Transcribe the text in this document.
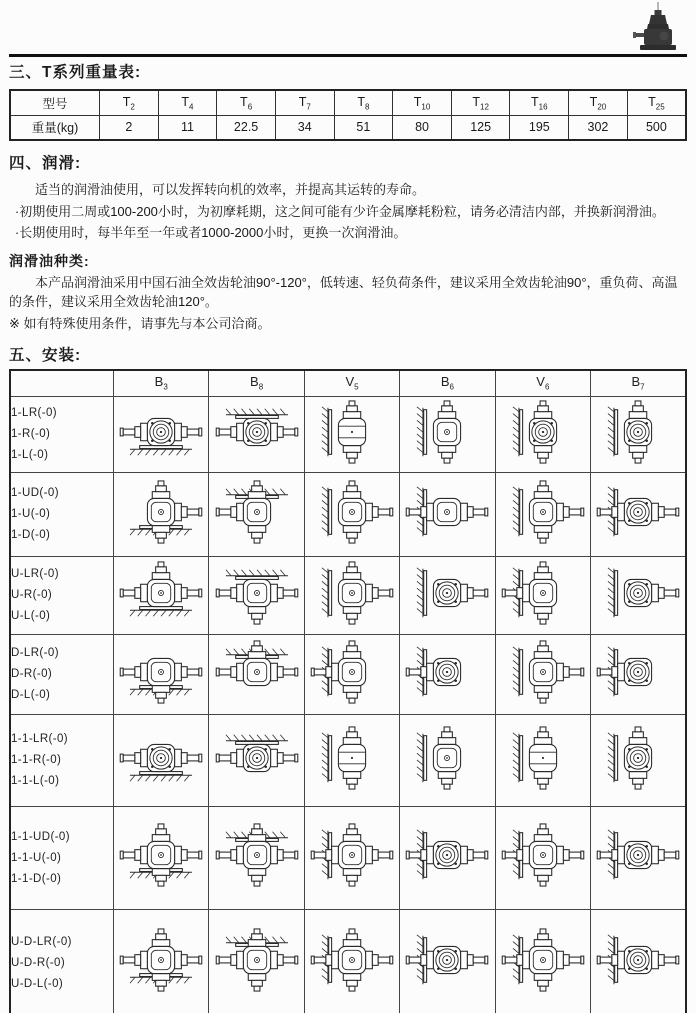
三、T系列重量表:
型号	$T_2$	$T_4$	$T_6$	$T_7$	$T_8$	$T_{10}$	$T_{12}$	$T_{16}$	$T_{20}$	$T_{25}$
重量(kg)	2	11	22.5	34	51	80	125	195	302	500
四、润滑:

适当的润滑油使用，可以发挥转向机的效率，并提高其运转的寿命。

·初期使用二周或100-200小时，为初摩耗期，这之间可能有少许金属摩耗粉粒，请务必清洁内部，并换新润滑油。

·长期使用时，每半年至一年或者1000-2000小时，更换一次润滑油。

润滑油种类:

本产品润滑油采用中国石油全效齿轮油90°-120°，低转速、轻负荷条件，建议采用全效齿轮油90°，重负荷、高温的条件，建议采用全效齿轮油120°。

※ 如有特殊使用条件，请事先与本公司洽商。

五、安装:
	$B_3$	$B_8$	$V_5$	$B_6$	$V_6$	$B_7$

1-LR(-0)
1-R(-0)
1-L(-0)

1-UD(-0)
1-U(-0)
1-D(-0)

U-LR(-0)
U-R(-0)
U-L(-0)

D-LR(-0)
D-R(-0)
D-L(-0)

1-1-LR(-0)
1-1-R(-0)
1-1-L(-0)

1-1-UD(-0)
1-1-U(-0)
1-1-D(-0)

U-D-LR(-0)
U-D-R(-0)
U-D-L(-0)
